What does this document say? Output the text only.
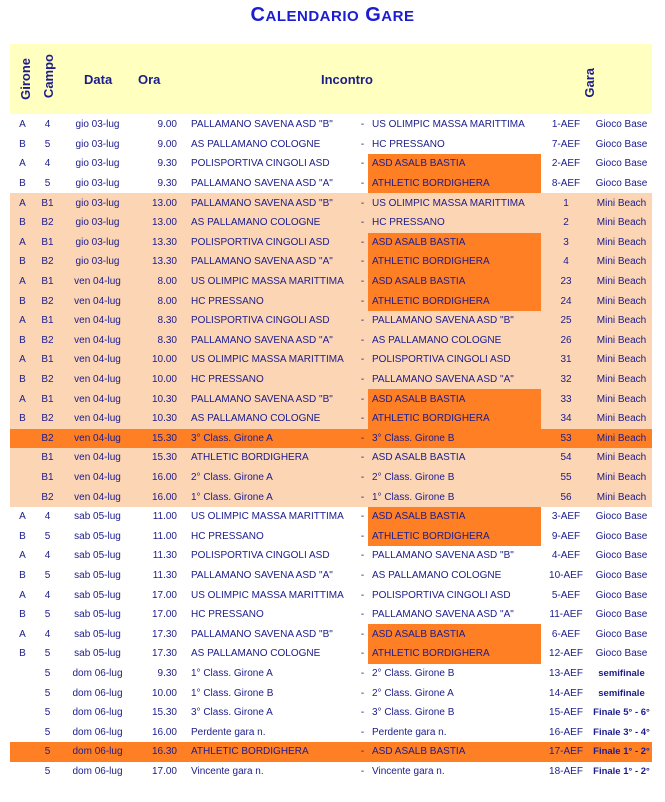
CALENDARIO GARE
Girone Campo Data Ora	Incontro	Gara
A	4	gio 03-lug	9.00	PALLAMANO SAVENA ASD "B"	-	US OLIMPIC MASSA MARITTIMA	1-AEF	Gioco Base
B	5	gio 03-lug	9.00	AS PALLAMANO COLOGNE	-	HC PRESSANO	7-AEF	Gioco Base
A	4	gio 03-lug	9.30	POLISPORTIVA CINGOLI ASD	-	ASD ASALB BASTIA	2-AEF	Gioco Base
B	5	gio 03-lug	9.30	PALLAMANO SAVENA ASD "A"	-	ATHLETIC BORDIGHERA	8-AEF	Gioco Base
A	B1	gio 03-lug	13.00	PALLAMANO SAVENA ASD "B"	-	US OLIMPIC MASSA MARITTIMA	1	Mini Beach
B	B2	gio 03-lug	13.00	AS PALLAMANO COLOGNE	-	HC PRESSANO	2	Mini Beach
A	B1	gio 03-lug	13.30	POLISPORTIVA CINGOLI ASD	-	ASD ASALB BASTIA	3	Mini Beach
B	B2	gio 03-lug	13.30	PALLAMANO SAVENA ASD "A"	-	ATHLETIC BORDIGHERA	4	Mini Beach
A	B1	ven 04-lug	8.00	US OLIMPIC MASSA MARITTIMA	-	ASD ASALB BASTIA	23	Mini Beach
B	B2	ven 04-lug	8.00	HC PRESSANO	-	ATHLETIC BORDIGHERA	24	Mini Beach
A	B1	ven 04-lug	8.30	POLISPORTIVA CINGOLI ASD	-	PALLAMANO SAVENA ASD "B"	25	Mini Beach
B	B2	ven 04-lug	8.30	PALLAMANO SAVENA ASD "A"	-	AS PALLAMANO COLOGNE	26	Mini Beach
A	B1	ven 04-lug	10.00	US OLIMPIC MASSA MARITTIMA	-	POLISPORTIVA CINGOLI ASD	31	Mini Beach
B	B2	ven 04-lug	10.00	HC PRESSANO	-	PALLAMANO SAVENA ASD "A"	32	Mini Beach
A	B1	ven 04-lug	10.30	PALLAMANO SAVENA ASD "B"	-	ASD ASALB BASTIA	33	Mini Beach
B	B2	ven 04-lug	10.30	AS PALLAMANO COLOGNE	-	ATHLETIC BORDIGHERA	34	Mini Beach
	B2	ven 04-lug	15.30	3° Class. Girone A	-	3° Class. Girone B	53	Mini Beach
	B1	ven 04-lug	15.30	ATHLETIC BORDIGHERA	-	ASD ASALB BASTIA	54	Mini Beach
	B1	ven 04-lug	16.00	2° Class. Girone A	-	2° Class. Girone B	55	Mini Beach
	B2	ven 04-lug	16.00	1° Class. Girone A	-	1° Class. Girone B	56	Mini Beach
A	4	sab 05-lug	11.00	US OLIMPIC MASSA MARITTIMA	-	ASD ASALB BASTIA	3-AEF	Gioco Base
B	5	sab 05-lug	11.00	HC PRESSANO	-	ATHLETIC BORDIGHERA	9-AEF	Gioco Base
A	4	sab 05-lug	11.30	POLISPORTIVA CINGOLI ASD	-	PALLAMANO SAVENA ASD "B"	4-AEF	Gioco Base
B	5	sab 05-lug	11.30	PALLAMANO SAVENA ASD "A"	-	AS PALLAMANO COLOGNE	10-AEF	Gioco Base
A	4	sab 05-lug	17.00	US OLIMPIC MASSA MARITTIMA	-	POLISPORTIVA CINGOLI ASD	5-AEF	Gioco Base
B	5	sab 05-lug	17.00	HC PRESSANO	-	PALLAMANO SAVENA ASD "A"	11-AEF	Gioco Base
A	4	sab 05-lug	17.30	PALLAMANO SAVENA ASD "B"	-	ASD ASALB BASTIA	6-AEF	Gioco Base
B	5	sab 05-lug	17.30	AS PALLAMANO COLOGNE	-	ATHLETIC BORDIGHERA	12-AEF	Gioco Base
	5	dom 06-lug	9.30	1° Class. Girone A	-	2° Class. Girone B	13-AEF	semifinale
	5	dom 06-lug	10.00	1° Class. Girone B	-	2° Class. Girone A	14-AEF	semifinale
	5	dom 06-lug	15.30	3° Class. Girone A	-	3° Class. Girone B	15-AEF	Finale 5° - 6°
	5	dom 06-lug	16.00	Perdente gara n.	-	Perdente gara n.	16-AEF	Finale 3° - 4°
	5	dom 06-lug	16.30	ATHLETIC BORDIGHERA	-	ASD ASALB BASTIA	17-AEF	Finale 1° - 2°
	5	dom 06-lug	17.00	Vincente gara n.	-	Vincente gara n.	18-AEF	Finale 1° - 2°
